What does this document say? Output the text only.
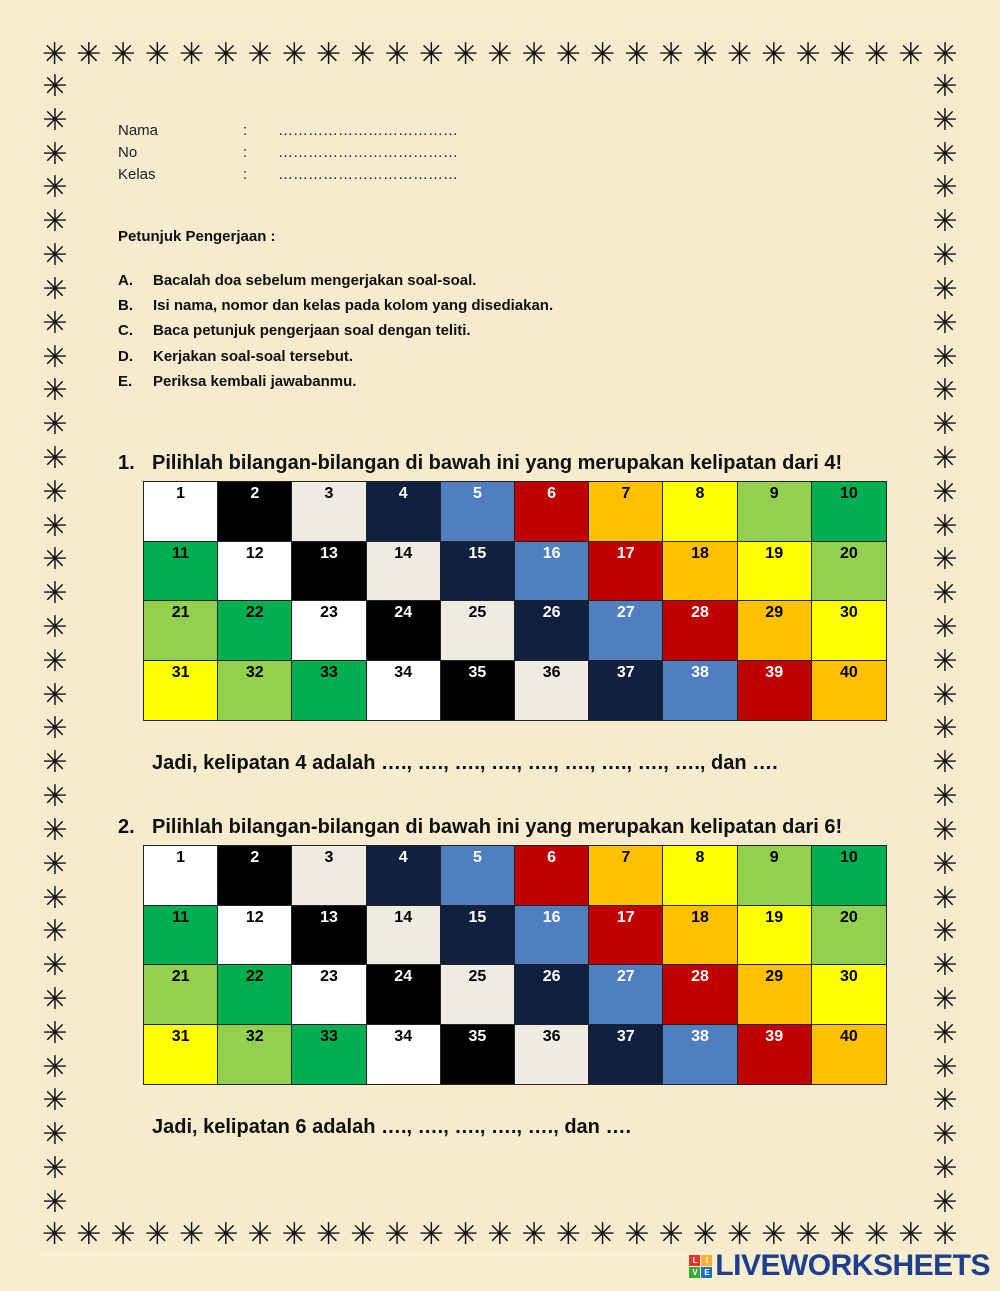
✳ ✳ ✳ ✳ ✳ ✳ ✳ ✳ ✳ ✳ ✳ ✳ ✳ ✳ ✳ ✳ ✳ ✳ ✳ ✳ ✳ ✳ ✳ ✳ ✳ ✳ ✳
✳ ✳ ✳ ✳ ✳ ✳ ✳ ✳ ✳ ✳ ✳ ✳ ✳ ✳ ✳ ✳ ✳ ✳ ✳ ✳ ✳ ✳ ✳ ✳ ✳ ✳ ✳
✳
✳
✳
✳
✳
✳
✳
✳
✳
✳
✳
✳
✳
✳
✳
✳
✳
✳
✳
✳
✳
✳
✳
✳
✳
✳
✳
✳
✳
✳
✳
✳
✳
✳
✳
✳
✳
✳
✳
✳
✳
✳
✳
✳
✳
✳
✳
✳
✳
✳
✳
✳
✳
✳
✳
✳
✳
✳
✳
✳
✳
✳
✳
✳
✳
✳
✳
✳
Nama	:	………………………………
No	:	………………………………
Kelas	:	………………………………
Petunjuk Pengerjaan :
A.	Bacalah doa sebelum mengerjakan soal-soal.
B.	Isi nama, nomor dan kelas pada kolom yang disediakan.
C.	Baca petunjuk pengerjaan soal dengan teliti.
D.	Kerjakan soal-soal tersebut.
E.	Periksa kembali jawabanmu.
1. Pilihlah bilangan-bilangan di bawah ini yang merupakan kelipatan dari 4!
1	2	3	4	5	6	7	8	9	10
11	12	13	14	15	16	17	18	19	20
21	22	23	24	25	26	27	28	29	30
31	32	33	34	35	36	37	38	39	40
Jadi, kelipatan 4 adalah …., …., …., …., …., …., …., …., …., dan ….
2. Pilihlah bilangan-bilangan di bawah ini yang merupakan kelipatan dari 6!
1	2	3	4	5	6	7	8	9	10
11	12	13	14	15	16	17	18	19	20
21	22	23	24	25	26	27	28	29	30
31	32	33	34	35	36	37	38	39	40
Jadi, kelipatan 6 adalah …., …., …., …., …., dan ….
L	I
V E LIVEWORKSHEETS
